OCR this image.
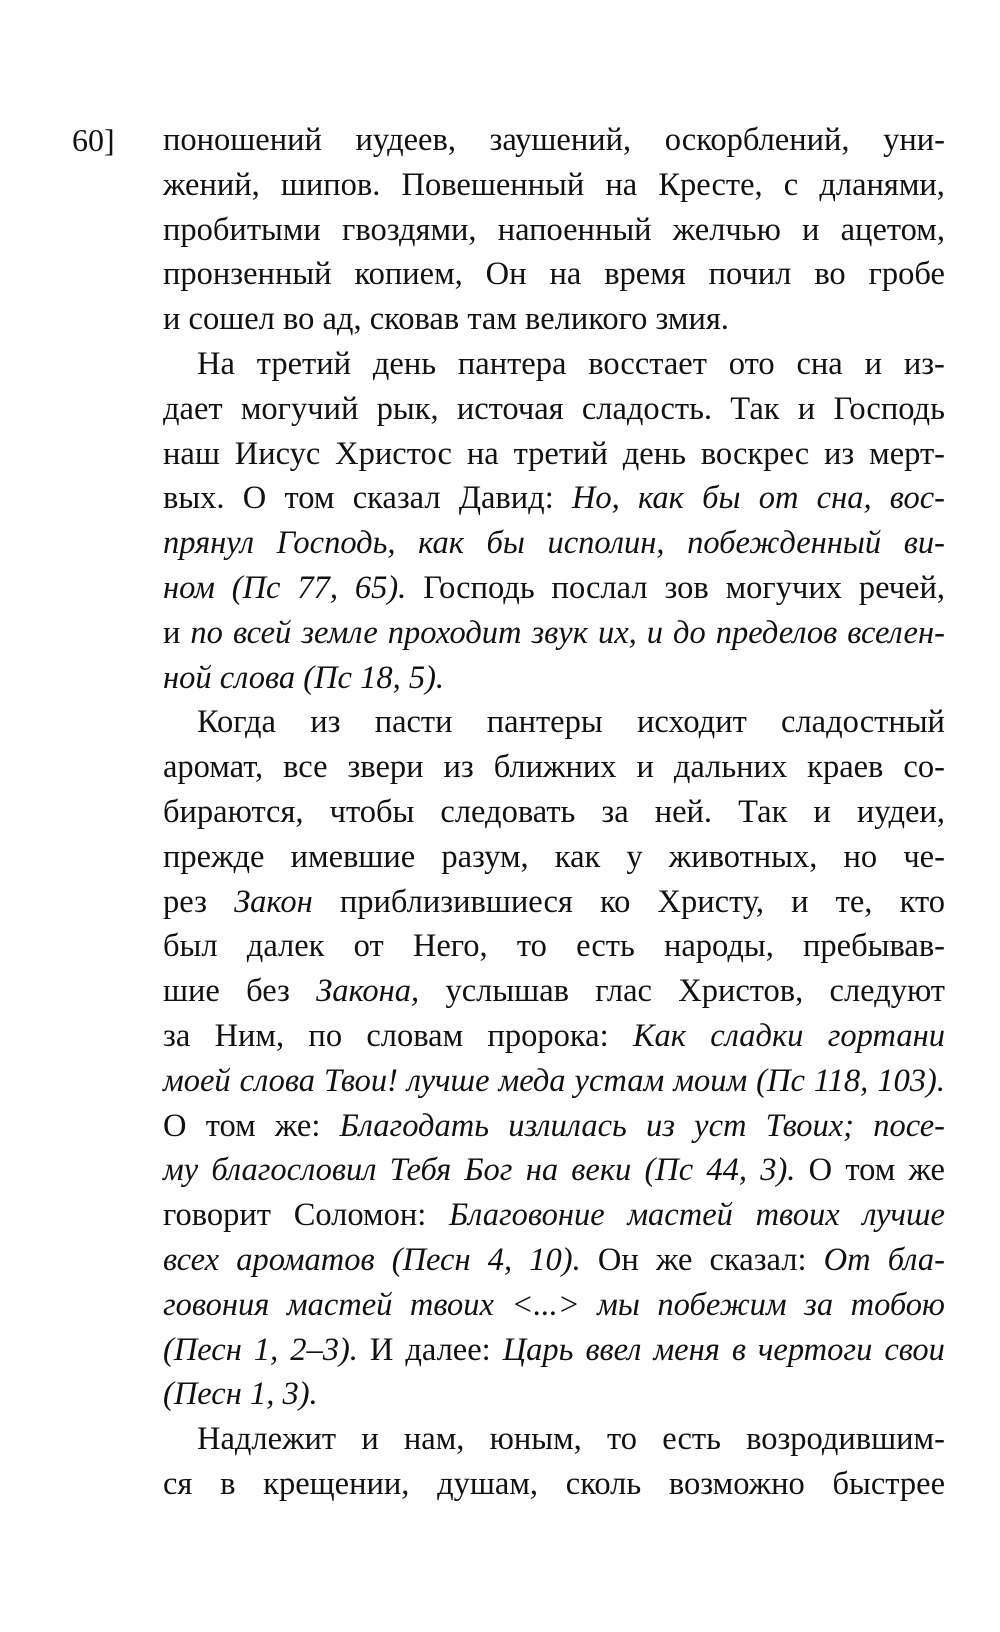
60] поношений иудеев, заушений, оскорблений, уни-
жений, шипов. Повешенный на Кресте, с дланями,
пробитыми гвоздями, напоенный желчью и ацетом,
пронзенный копием, Он на время почил во гробе
и сошел во ад, сковав там великого змия.
На третий день пантера восстает ото сна и из-
дает могучий рык, источая сладость. Так и Господь
наш Иисус Христос на третий день воскрес из мерт-
вых. О том сказал Давид: Но, как бы от сна, вос-
прянул Господь, как бы исполин, побежденный ви-
ном (Пс 77, 65). Господь послал зов могучих речей,
и по всей земле проходит звук их, и до пределов вселен-
ной слова (Пс 18, 5).
Когда из пасти пантеры исходит сладостный
аромат, все звери из ближних и дальних краев со-
бираются, чтобы следовать за ней. Так и иудеи,
прежде имевшие разум, как у животных, но че-
рез Закон приблизившиеся ко Христу, и те, кто
был далек от Него, то есть народы, пребывав-
шие без Закона, услышав глас Христов, следуют
за Ним, по словам пророка: Как сладки гортани
моей слова Твои! лучше меда устам моим (Пс 118, 103).
О том же: Благодать излилась из уст Твоих; посе-
му благословил Тебя Бог на веки (Пс 44, 3). О том же
говорит Соломон: Благовоние мастей твоих лучше
всех ароматов (Песн 4, 10). Он же сказал: От бла-
говония мастей твоих <...> мы побежим за тобою
(Песн 1, 2–3). И далее: Царь ввел меня в чертоги свои
(Песн 1, 3).
Надлежит и нам, юным, то есть возродившим-
ся в крещении, душам, сколь возможно быстрее
